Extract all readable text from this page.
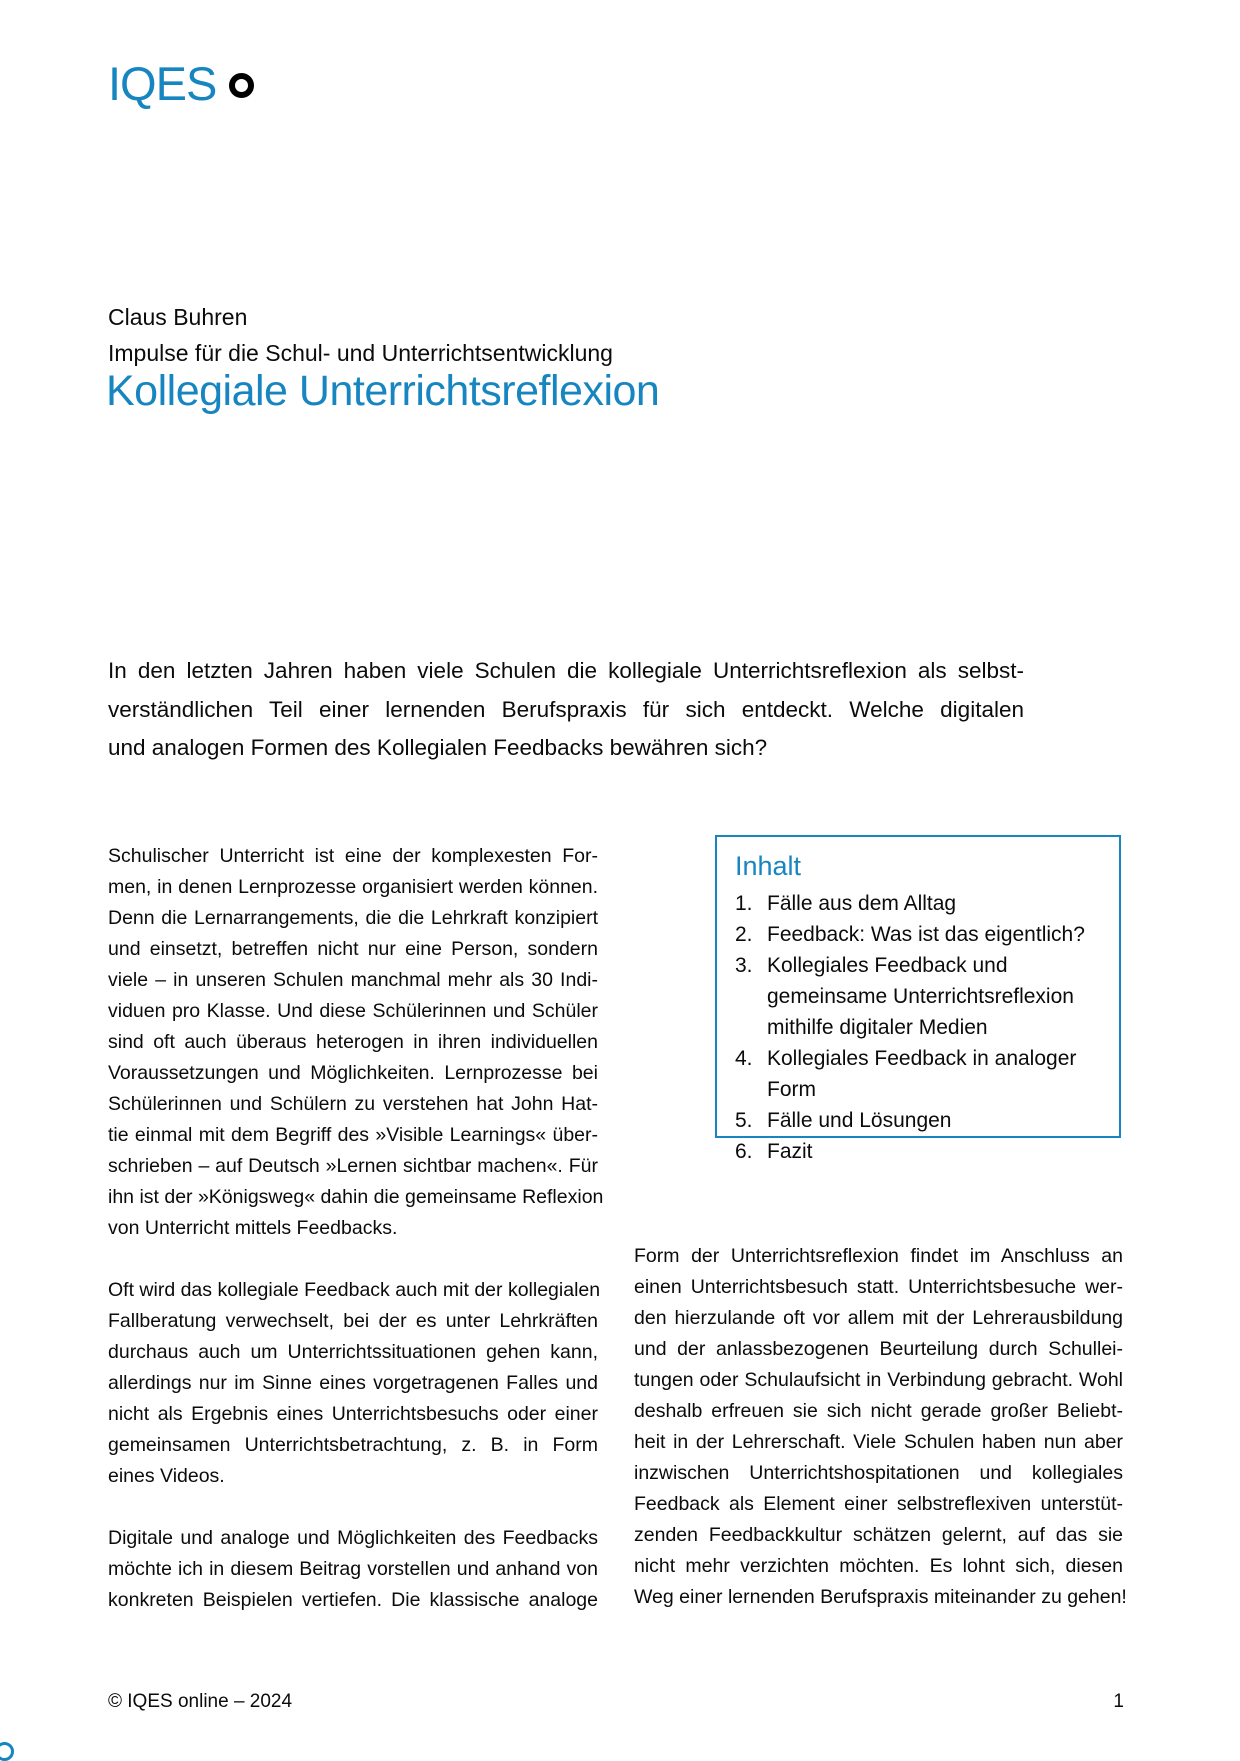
IQES
Claus Buhren
Impulse für die Schul- und Unterrichtsentwicklung
Kollegiale Unterrichtsreflexion
In den letzten Jahren haben viele Schulen die kollegiale Unterrichtsreflexion als selbst-
verständlichen Teil einer lernenden Berufspraxis für sich entdeckt. Welche digitalen
und analogen Formen des Kollegialen Feedbacks bewähren sich?
Schulischer Unterricht ist eine der komplexesten For-
men, in denen Lernprozesse organisiert werden können.
Denn die Lernarrangements, die die Lehrkraft konzipiert
und einsetzt, betreffen nicht nur eine Person, sondern
viele – in unseren Schulen manchmal mehr als 30 Indi-
viduen pro Klasse. Und diese Schülerinnen und Schüler
sind oft auch überaus heterogen in ihren individuellen
Voraussetzungen und Möglichkeiten. Lernprozesse bei
Schülerinnen und Schülern zu verstehen hat John Hat-
tie einmal mit dem Begriff des »Visible Learnings« über-
schrieben – auf Deutsch »Lernen sichtbar machen«. Für
ihn ist der »Königsweg« dahin die gemeinsame Reflexion
von Unterricht mittels Feedbacks.
Oft wird das kollegiale Feedback auch mit der kollegialen
Fallberatung verwechselt, bei der es unter Lehrkräften
durchaus auch um Unterrichtssituationen gehen kann,
allerdings nur im Sinne eines vorgetragenen Falles und
nicht als Ergebnis eines Unterrichtsbesuchs oder einer
gemeinsamen Unterrichtsbetrachtung, z. B. in Form
eines Videos.
Digitale und analoge und Möglichkeiten des Feedbacks
möchte ich in diesem Beitrag vorstellen und anhand von
konkreten Beispielen vertiefen. Die klassische analoge
Inhalt
1. Fälle aus dem Alltag
2. Feedback: Was ist das eigentlich?
3. Kollegiales Feedback und
gemeinsame Unterrichtsreflexion
mithilfe digitaler Medien
4. Kollegiales Feedback in analoger Form
5. Fälle und Lösungen
6. Fazit
Form der Unterrichtsreflexion findet im Anschluss an
einen Unterrichtsbesuch statt. Unterrichtsbesuche wer-
den hierzulande oft vor allem mit der Lehrerausbildung
und der anlassbezogenen Beurteilung durch Schullei-
tungen oder Schulaufsicht in Verbindung gebracht. Wohl
deshalb erfreuen sie sich nicht gerade großer Beliebt-
heit in der Lehrerschaft. Viele Schulen haben nun aber
inzwischen Unterrichtshospitationen und kollegiales
Feedback als Element einer selbstreflexiven unterstüt-
zenden Feedbackkultur schätzen gelernt, auf das sie
nicht mehr verzichten möchten. Es lohnt sich, diesen
Weg einer lernenden Berufspraxis miteinander zu gehen!
© IQES online – 2024	1
